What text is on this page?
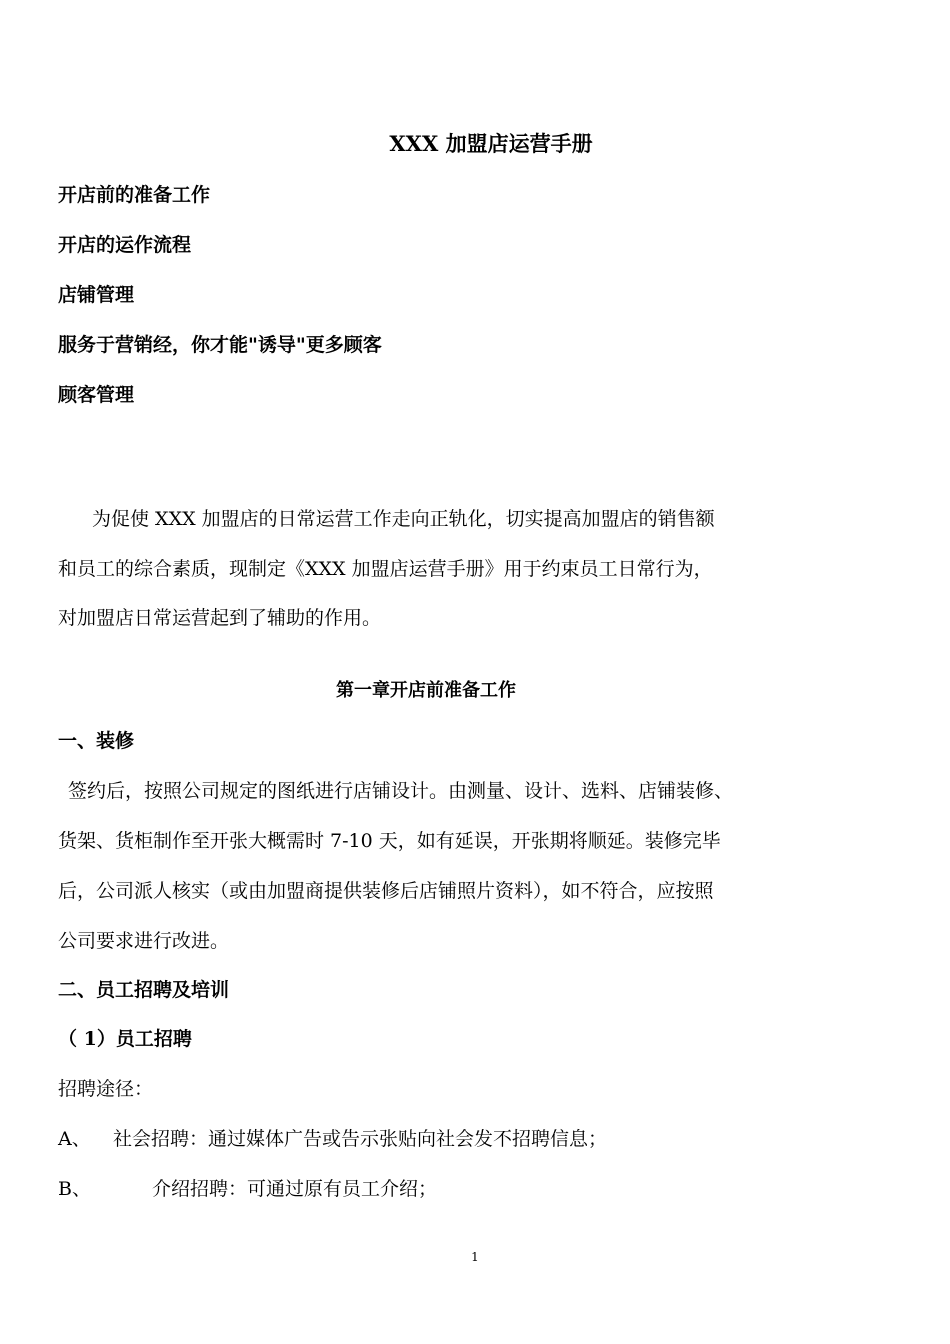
XXX 加盟店运营手册
开店前的准备工作
开店的运作流程
店铺管理
服务于营销经，你才能"诱导"更多顾客
顾客管理
为促使 XXX 加盟店的日常运营工作走向正轨化，切实提高加盟店的销售额
和员工的综合素质，现制定《XXX 加盟店运营手册》用于约束员工日常行为，
对加盟店日常运营起到了辅助的作用。
第一章开店前准备工作
一、装修
签约后，按照公司规定的图纸进行店铺设计。由测量、设计、选料、店铺装修、
货架、货柜制作至开张大概需时 7-10 天，如有延误，开张期将顺延。装修完毕
后，公司派人核实（或由加盟商提供装修后店铺照片资料），如不符合，应按照
公司要求进行改进。
二、员工招聘及培训
（ 1）员工招聘
招聘途径：
A、 社会招聘：通过媒体广告或告示张贴向社会发不招聘信息；
B、	介绍招聘：可通过原有员工介绍；
1
